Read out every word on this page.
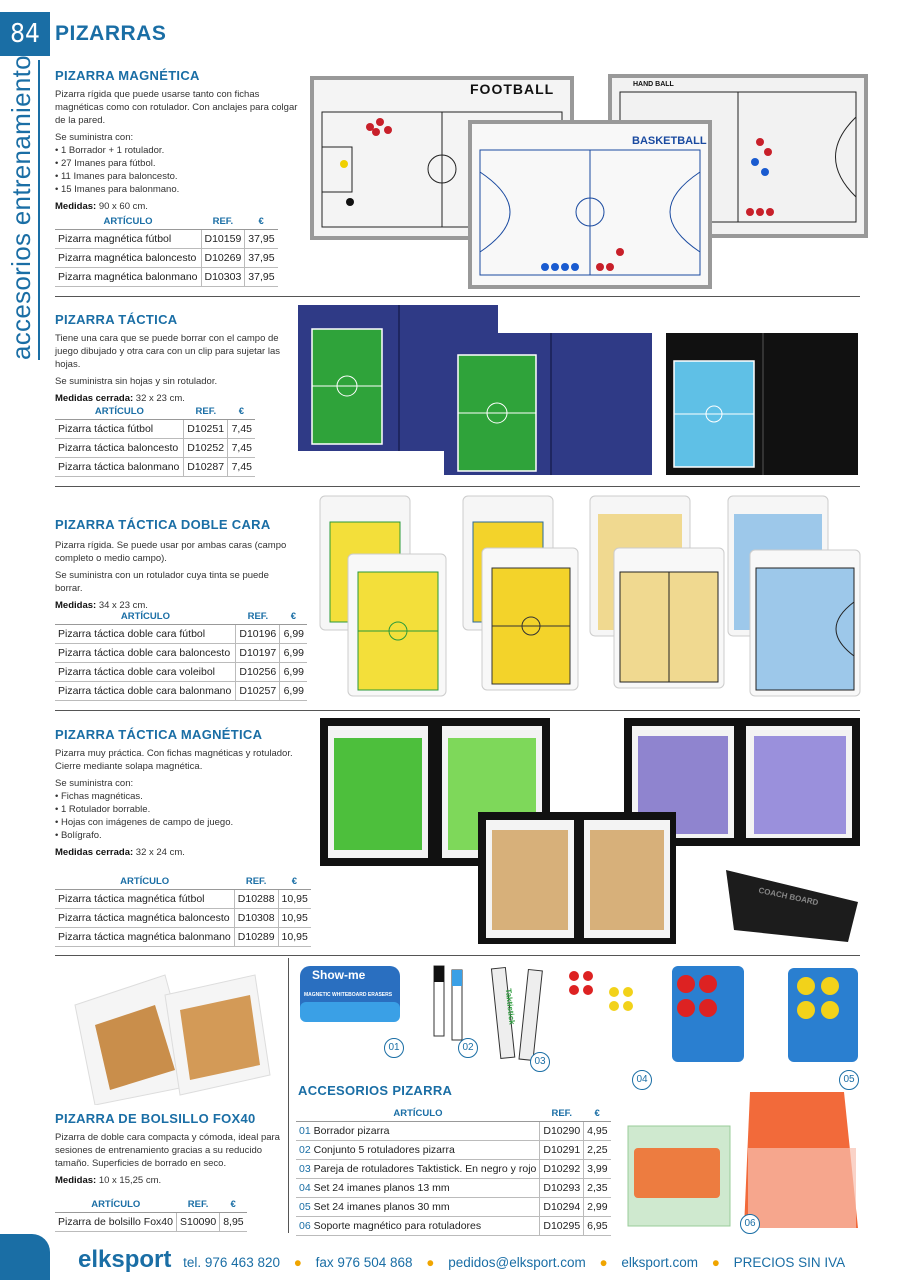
84 PIZARRAS
accesorios entrenamiento PIZARRA MAGNÉTICA
Pizarra rígida que puede usarse tanto con fichas magnéticas como con rotulador. Con anclajes para colgar de la pared.
Se suministra con:
• 1 Borrador + 1 rotulador.
• 27 Imanes para fútbol.
• 11 Imanes para baloncesto.
• 15 Imanes para balonmano.
Medidas: 90 x 60 cm.
ARTÍCULO	REF.	€
Pizarra magnética fútbol	D10159	37,95
Pizarra magnética baloncesto	D10269	37,95
Pizarra magnética balonmano	D10303	37,95
FOOTBALL	HAND BALL
BASKETBALL
PIZARRA TÁCTICA
Tiene una cara que se puede borrar con el campo de juego dibujado y otra cara con un clip para sujetar las hojas.
Se suministra sin hojas y sin rotulador.
Medidas cerrada: 32 x 23 cm.
ARTÍCULO	REF.	€
Pizarra táctica fútbol	D10251	7,45
Pizarra táctica baloncesto	D10252	7,45
Pizarra táctica balonmano	D10287	7,45
PIZARRA TÁCTICA DOBLE CARA
Pizarra rígida. Se puede usar por ambas caras (campo completo o medio campo).
Se suministra con un rotulador cuya tinta se puede borrar.
Medidas: 34 x 23 cm.
ARTÍCULO	REF.	€
Pizarra táctica doble cara fútbol	D10196	6,99
Pizarra táctica doble cara baloncesto	D10197	6,99
Pizarra táctica doble cara voleibol	D10256	6,99
Pizarra táctica doble cara balonmano	D10257	6,99
PIZARRA TÁCTICA MAGNÉTICA
Pizarra muy práctica. Con fichas magnéticas y rotulador. Cierre mediante solapa magnética.
Se suministra con:
• Fichas magnéticas.
• 1 Rotulador borrable.
• Hojas con imágenes de campo de juego.
• Bolígrafo.
Medidas cerrada: 32 x 24 cm.
ARTÍCULO	REF.	€
Pizarra táctica magnética fútbol	D10288	10,95
Pizarra táctica magnética baloncesto	D10308	10,95
Pizarra táctica magnética balonmano	D10289	10,95
COACH BOARD
PIZARRA DE BOLSILLO FOX40
Pizarra de doble cara compacta y cómoda, ideal para sesiones de entrenamiento gracias a su reducido tamaño. Superficies de borrado en seco.
Medidas: 10 x 15,25 cm.
ARTÍCULO	REF.	€
Pizarra de bolsillo Fox40	S10090	8,95
Show-me
MAGNETIC WHITEBOARD ERASERS	Taktistick
01	02
03
04	05
ACCESORIOS PIZARRA
ARTÍCULO	REF.	€
01 Borrador pizarra	D10290	4,95
02 Conjunto 5 rotuladores pizarra	D10291	2,25
03 Pareja de rotuladores Taktistick. En negro y rojo	D10292	3,99
04 Set 24 imanes planos 13 mm	D10293	2,35
05 Set 24 imanes planos 30 mm	D10294	2,99
06 Soporte magnético para rotuladores	D10295	6,95	06
elksport tel. 976 463 820 ● fax 976 504 868 ● pedidos@elksport.com ● elksport.com ● PRECIOS SIN IVA
